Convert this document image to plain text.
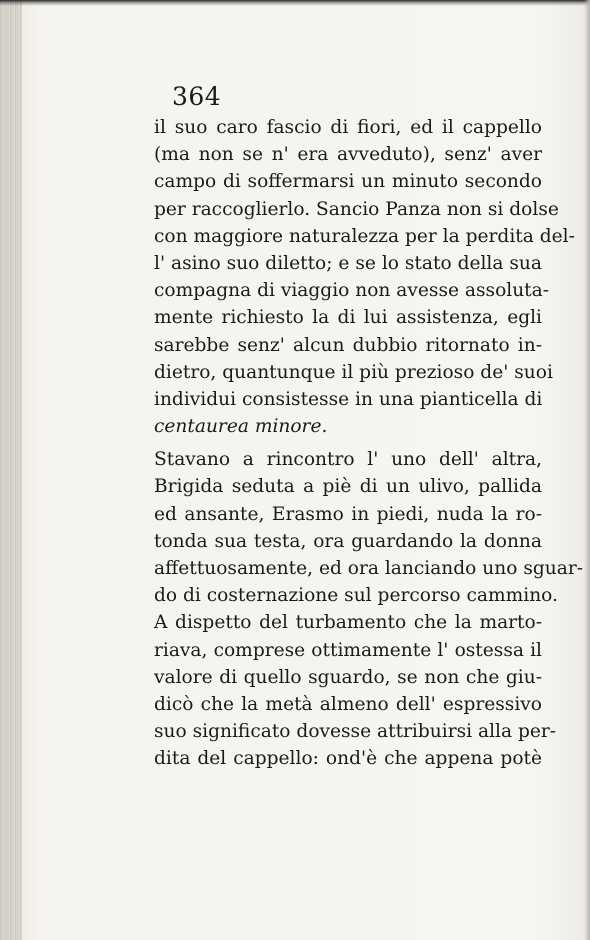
364
il suo caro fascio di fiori, ed il cappello
(ma non se n' era avveduto), senz' aver
campo di soffermarsi un minuto secondo
per raccoglierlo. Sancio Panza non si dolse
con maggiore naturalezza per la perdita del-
l' asino suo diletto; e se lo stato della sua
compagna di viaggio non avesse assoluta-
mente richiesto la di lui assistenza, egli
sarebbe senz' alcun dubbio ritornato in-
dietro, quantunque il più prezioso de' suoi
individui consistesse in una pianticella di
centaurea minore.
Stavano a rincontro l' uno dell' altra,
Brigida seduta a piè di un ulivo, pallida
ed ansante, Erasmo in piedi, nuda la ro-
tonda sua testa, ora guardando la donna
affettuosamente, ed ora lanciando uno sguar-
do di costernazione sul percorso cammino.
A dispetto del turbamento che la marto-
riava, comprese ottimamente l' ostessa il
valore di quello sguardo, se non che giu-
dicò che la metà almeno dell' espressivo
suo significato dovesse attribuirsi alla per-
dita del cappello: ond'è che appena potè
